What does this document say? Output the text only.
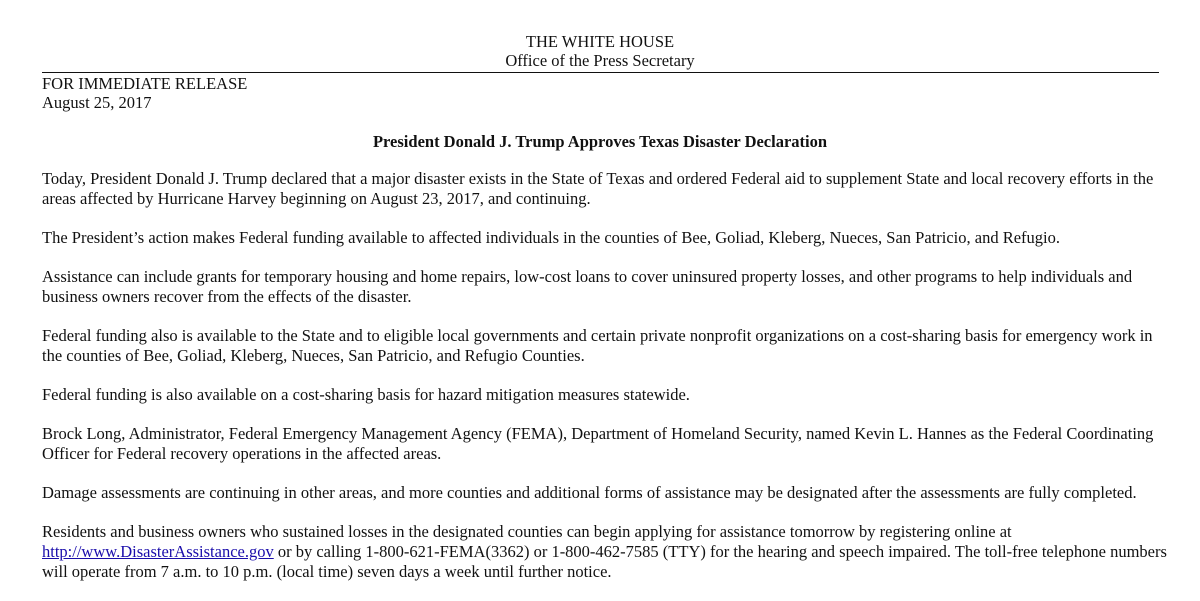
THE WHITE HOUSE
Office of the Press Secretary
FOR IMMEDIATE RELEASE
August 25, 2017
President Donald J. Trump Approves Texas Disaster Declaration

Today, President Donald J. Trump declared that a major disaster exists in the State of Texas and ordered Federal aid to supplement State and local recovery efforts in the areas affected by Hurricane Harvey beginning on August 23, 2017, and continuing.

The President’s action makes Federal funding available to affected individuals in the counties of Bee, Goliad, Kleberg, Nueces, San Patricio, and Refugio.

Assistance can include grants for temporary housing and home repairs, low-cost loans to cover uninsured property losses, and other programs to help individuals and business owners recover from the effects of the disaster.

Federal funding also is available to the State and to eligible local governments and certain private nonprofit organizations on a cost-sharing basis for emergency work in the counties of Bee, Goliad, Kleberg, Nueces, San Patricio, and Refugio Counties.

Federal funding is also available on a cost-sharing basis for hazard mitigation measures statewide.

Brock Long, Administrator, Federal Emergency Management Agency (FEMA), Department of Homeland Security, named Kevin L. Hannes as the Federal Coordinating Officer for Federal recovery operations in the affected areas.

Damage assessments are continuing in other areas, and more counties and additional forms of assistance may be designated after the assessments are fully completed.

Residents and business owners who sustained losses in the designated counties can begin applying for assistance tomorrow by registering online at http://www.DisasterAssistance.gov or by calling 1-800-621-FEMA(3362) or 1-800-462-7585 (TTY) for the hearing and speech impaired. The toll-free telephone numbers will operate from 7 a.m. to 10 p.m. (local time) seven days a week until further notice.
